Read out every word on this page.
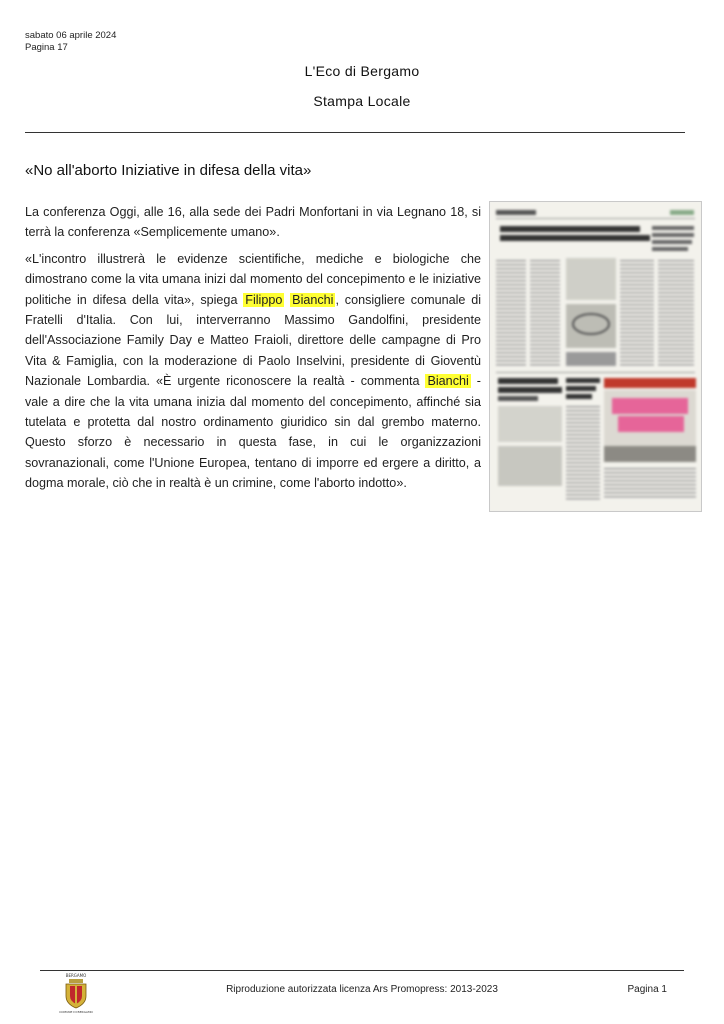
sabato 06 aprile 2024
Pagina 17
L'Eco di Bergamo
Stampa Locale
«No all'aborto Iniziative in difesa della vita»

La conferenza Oggi, alle 16, alla sede dei Padri Monfortani in via Legnano 18, si terrà la conferenza «Semplicemente umano».

«L'incontro illustrerà le evidenze scientifiche, mediche e biologiche che dimostrano come la vita umana inizi dal momento del concepimento e le iniziative politiche in difesa della vita», spiega Filippo Bianchi , consigliere comunale di Fratelli d'Italia. Con lui, interverranno Massimo Gandolfini, presidente dell'Associazione Family Day e Matteo Fraioli, direttore delle campagne di Pro Vita & Famiglia, con la moderazione di Paolo Inselvini, presidente di Gioventù Nazionale Lombardia. «È urgente riconoscere la realtà - commenta Bianchi - vale a dire che la vita umana inizia dal momento del concepimento, affinché sia tutelata e protetta dal nostro ordinamento giuridico sin dal grembo materno. Questo sforzo è necessario in questa fase, in cui le organizzazioni sovranazionali, come l'Unione Europea, tentano di imporre ed ergere a diritto, a dogma morale, ciò che in realtà è un crimine, come l'aborto indotto».

BERGAMO
COMUNE DI BERGAMO
Riproduzione autorizzata licenza Ars Promopress: 2013-2023	Pagina 1
